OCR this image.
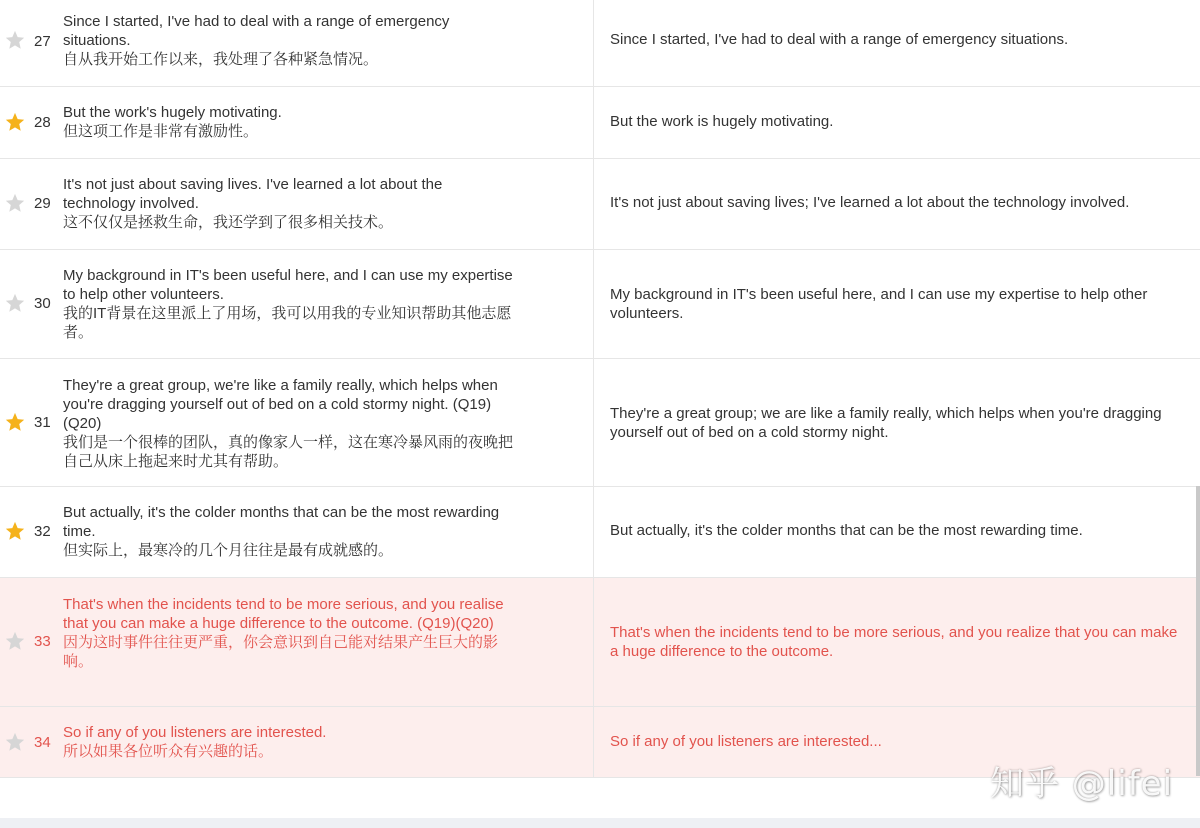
27
Since I started, I've had to deal with a range of emergency situations.
自从我开始工作以来，我处理了各种紧急情况。
Since I started, I've had to deal with a range of emergency situations.
28
But the work's hugely motivating.
但这项工作是非常有激励性。
But the work is hugely motivating.
29
It's not just about saving lives. I've learned a lot about the technology involved.
这不仅仅是拯救生命，我还学到了很多相关技术。
It's not just about saving lives; I've learned a lot about the technology involved.
30
My background in IT's been useful here, and I can use my expertise to help other volunteers.
我的IT背景在这里派上了用场，我可以用我的专业知识帮助其他志愿者。
My background in IT's been useful here, and I can use my expertise to help other volunteers.
31
They're a great group, we're like a family really, which helps when you're dragging yourself out of bed on a cold stormy night. (Q19)(Q20)
我们是一个很棒的团队，真的像家人一样，这在寒冷暴风雨的夜晚把自己从床上拖起来时尤其有帮助。
They're a great group; we are like a family really, which helps when you're dragging yourself out of bed on a cold stormy night.
32
But actually, it's the colder months that can be the most rewarding time.
但实际上，最寒冷的几个月往往是最有成就感的。
But actually, it's the colder months that can be the most rewarding time.
33
That's when the incidents tend to be more serious, and you realise that you can make a huge difference to the outcome. (Q19)(Q20)
因为这时事件往往更严重，你会意识到自己能对结果产生巨大的影响。
That's when the incidents tend to be more serious, and you realize that you can make a huge difference to the outcome.
34
So if any of you listeners are interested.
所以如果各位听众有兴趣的话。
So if any of you listeners are interested...
知乎 @lifei
